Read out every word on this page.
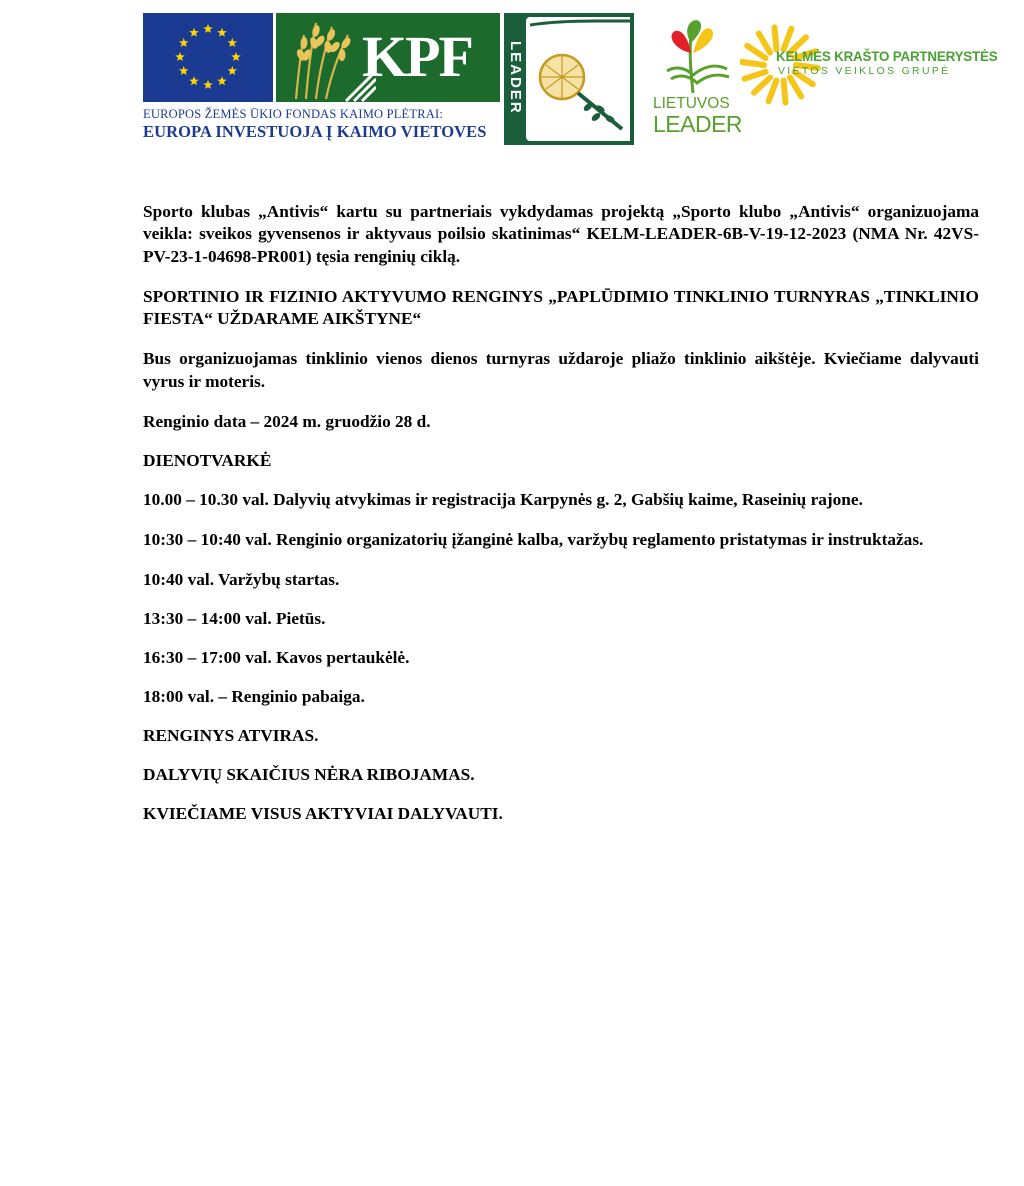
KPF
EUROPOS ŽEMĖS ŪKIO FONDAS KAIMO PLĖTRAI:
EUROPA INVESTUOJA Į KAIMO VIETOVES
LEADER	LIETUVOS
LEADER
KELMĖS KRAŠTO PARTNERYSTĖS
VIETOS VEIKLOS GRUPĖ

Sporto klubas „Antivis“ kartu su partneriais vykdydamas projektą „Sporto klubo „Antivis“ organizuojama veikla: sveikos gyvensenos ir aktyvaus poilsio skatinimas“ KELM-LEADER-6B-V-19-12-2023 (NMA Nr. 42VS-PV-23-1-04698-PR001) tęsia renginių ciklą.

SPORTINIO IR FIZINIO AKTYVUMO RENGINYS „PAPLŪDIMIO TINKLINIO TURNYRAS „TINKLINIO FIESTA“ UŽDARAME AIKŠTYNE“

Bus organizuojamas tinklinio vienos dienos turnyras uždaroje pliažo tinklinio aikštėje. Kviečiame dalyvauti vyrus ir moteris.

Renginio data – 2024 m. gruodžio 28 d.

DIENOTVARKĖ

10.00 – 10.30 val. Dalyvių atvykimas ir registracija Karpynės g. 2, Gabšių kaime, Raseinių rajone.

10:30 – 10:40 val. Renginio organizatorių įžanginė kalba, varžybų reglamento pristatymas ir instruktažas.

10:40 val. Varžybų startas.

13:30 – 14:00 val. Pietūs.

16:30 – 17:00 val. Kavos pertaukėlė.

18:00 val. – Renginio pabaiga.

RENGINYS ATVIRAS.

DALYVIŲ SKAIČIUS NĖRA RIBOJAMAS.

KVIEČIAME VISUS AKTYVIAI DALYVAUTI.
